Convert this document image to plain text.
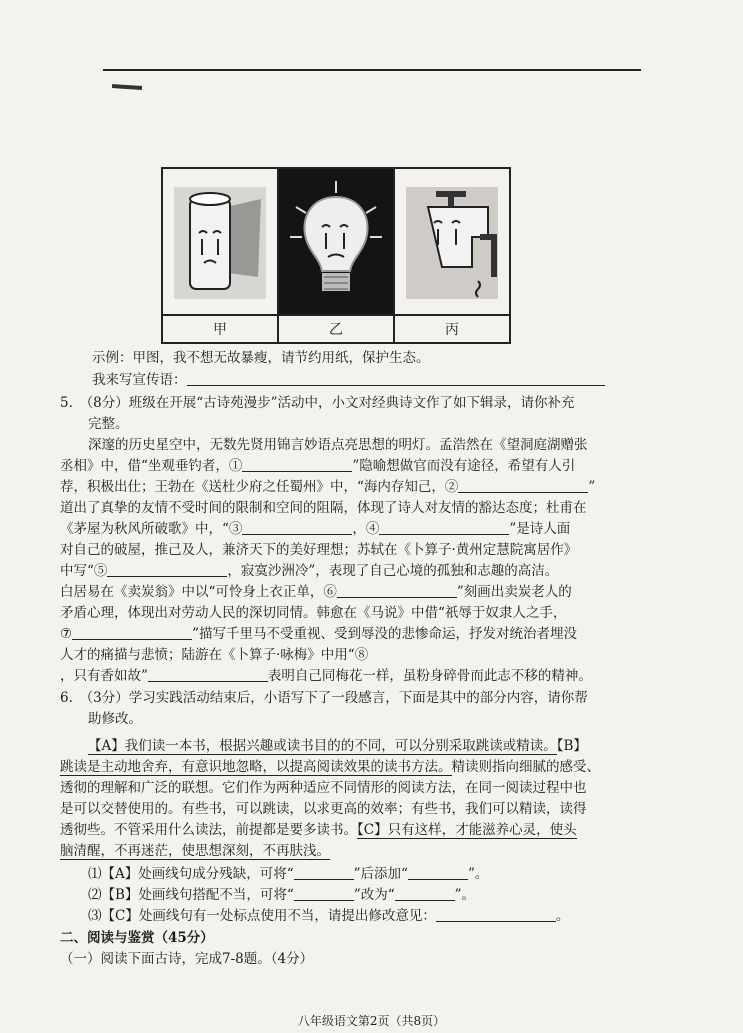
甲	乙	丙
示例：甲图，我不想无故暴瘦，请节约用纸，保护生态。
我来写宣传语：
5.　（8分）班级在开展“古诗苑漫步”活动中，小文对经典诗文作了如下辑录，请你补充
完整。
深邃的历史星空中，无数先贤用锦言妙语点亮思想的明灯。孟浩然在《望洞庭湖赠张
丞相》中，借“坐观垂钓者，①	”隐喻想做官而没有途径，希望有人引
荐，积极出仕；王勃在《送杜少府之任蜀州》中，“海内存知己，②	”
道出了真挚的友情不受时间的限制和空间的阻隔，体现了诗人对友情的豁达态度；杜甫在
《茅屋为秋风所破歌》中，“③	，④	”是诗人面
对自己的破屋，推己及人，兼济天下的美好理想；苏轼在《卜算子·黄州定慧院寓居作》
中写“⑤	，寂寞沙洲冷”，表现了自己心境的孤独和志趣的高洁。
白居易在《卖炭翁》中以“可怜身上衣正单，⑥	”刻画出卖炭老人的
矛盾心理，体现出对劳动人民的深切同情。韩愈在《马说》中借“祇辱于奴隶人之手，
⑦	”描写千里马不受重视、受到辱没的悲惨命运，抒发对统治者埋没
人才的痛描与悲愤；陆游在《卜算子·咏梅》中用“⑧
，只有香如故”	表明自己同梅花一样，虽粉身碎骨而此志不移的精神。
6.　（3分）学习实践活动结束后，小语写下了一段感言，下面是其中的部分内容，请你帮
助修改。
【A】我们读一本书，根据兴趣或读书目的的不同，可以分别采取跳读或精读。【B】
跳读是主动地舍弃，有意识地忽略，以提高阅读效果的读书方法。精读则指向细腻的感受、
透彻的理解和广泛的联想。它们作为两种适应不同情形的阅读方法，在同一阅读过程中也
是可以交替使用的。有些书，可以跳读，以求更高的效率；有些书，我们可以精读，读得
透彻些。不管采用什么读法，前提都是要多读书。【C】只有这样，才能滋养心灵，使头
脑清醒，不再迷茫，使思想深刻，不再肤浅。
⑴【A】处画线句成分残缺，可将“	”后添加“	”。
⑵【B】处画线句搭配不当，可将“	”改为“	”。
⑶【C】处画线句有一处标点使用不当，请提出修改意见：	。
二、阅读与鉴赏（45分）
（一）阅读下面古诗，完成7-8题。（4分）
八年级语文第2页（共8页）
